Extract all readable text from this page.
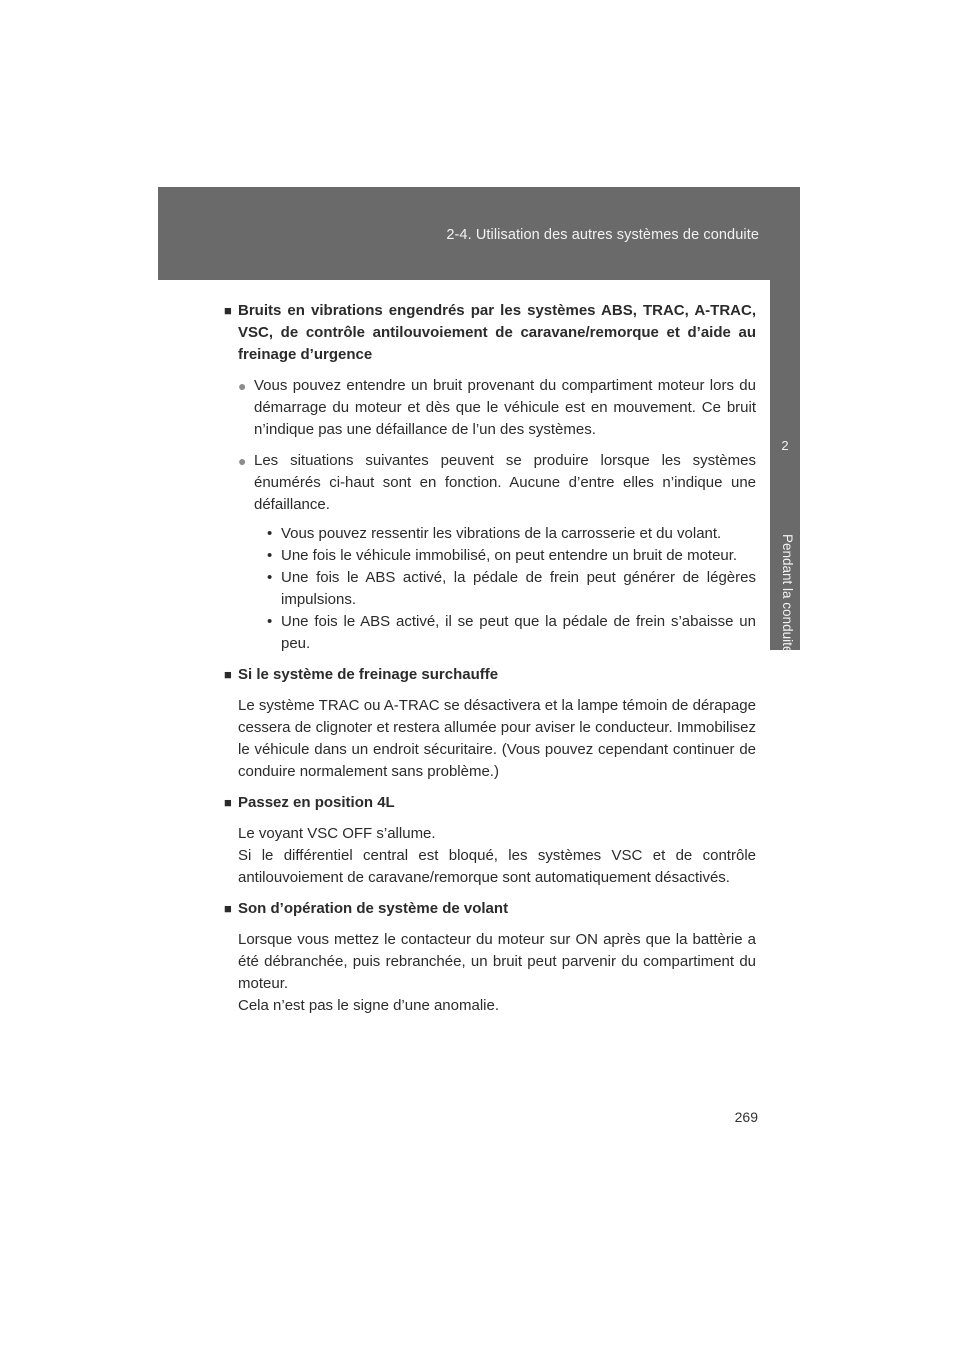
2-4. Utilisation des autres systèmes de conduite
2
Pendant la conduite
■ Bruits en vibrations engendrés par les systèmes ABS, TRAC, A-TRAC, VSC, de contrôle antilouvoiement de caravane/remorque et d’aide au freinage d’urgence
● Vous pouvez entendre un bruit provenant du compartiment moteur lors du démarrage du moteur et dès que le véhicule est en mouvement. Ce bruit n’indique pas une défaillance de l’un des systèmes.
● Les situations suivantes peuvent se produire lorsque les systèmes énumérés ci-haut sont en fonction. Aucune d’entre elles n’indique une défaillance.
• Vous pouvez ressentir les vibrations de la carrosserie et du volant.
• Une fois le véhicule immobilisé, on peut entendre un bruit de moteur.
• Une fois le ABS activé, la pédale de frein peut générer de légères impulsions.
• Une fois le ABS activé, il se peut que la pédale de frein s’abaisse un peu.
■ Si le système de freinage surchauffe
Le système TRAC ou A-TRAC se désactivera et la lampe témoin de dérapage cessera de clignoter et restera allumée pour aviser le conducteur. Immobilisez le véhicule dans un endroit sécuritaire. (Vous pouvez cependant continuer de conduire normalement sans problème.)
■ Passez en position 4L
Le voyant VSC OFF s’allume.
Si le différentiel central est bloqué, les systèmes VSC et de contrôle antilouvoiement de caravane/remorque sont automatiquement désactivés.
■ Son d’opération de système de volant
Lorsque vous mettez le contacteur du moteur sur ON après que la battèrie a été débranchée, puis rebranchée, un bruit peut parvenir du compartiment du moteur.
Cela n’est pas le signe d’une anomalie.
269
